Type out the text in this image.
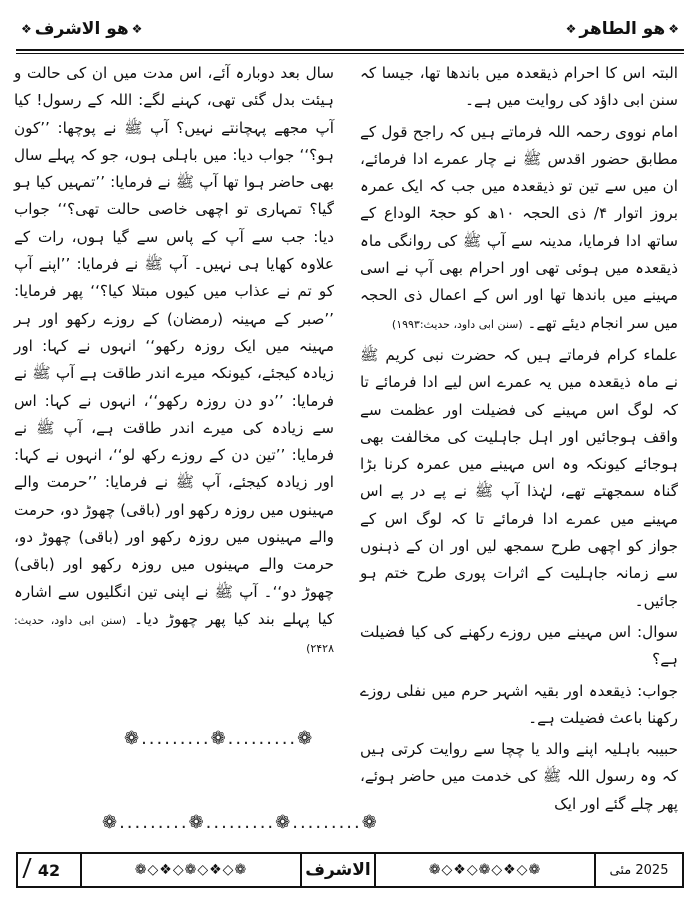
❖ هو الاشرف ❖	❖ هو الطاهر ❖

البتہ اس کا احرام ذیقعدہ میں باندھا تھا، جیسا کہ سنن ابی داؤد کی روایت میں ہے۔

امام نووی رحمہ اللہ فرماتے ہیں کہ راجح قول کے مطابق حضور اقدس ﷺ نے چار عمرے ادا فرمائے، ان میں سے تین تو ذیقعدہ میں جب کہ ایک عمرہ بروز اتوار ۴/ ذی الحجہ ۱۰ھ کو حجۃ الوداع کے ساتھ ادا فرمایا، مدینہ سے آپ ﷺ کی روانگی ماہ ذیقعدہ میں ہوئی تھی اور احرام بھی آپ نے اسی مہینے میں باندھا تھا اور اس کے اعمال ذی الحجہ میں سر انجام دیئے تھے۔ (سنن ابی داود، حدیث:۱۹۹۳)

علماء کرام فرماتے ہیں کہ حضرت نبی کریم ﷺ نے ماہ ذیقعدہ میں یہ عمرے اس لیے ادا فرمائے تا کہ لوگ اس مہینے کی فضیلت اور عظمت سے واقف ہوجائیں اور اہل جاہلیت کی مخالفت بھی ہوجائے کیونکہ وہ اس مہینے میں عمرہ کرنا بڑا گناہ سمجھتے تھے، لہٰذا آپ ﷺ نے پے در پے اس مہینے میں عمرے ادا فرمائے تا کہ لوگ اس کے جواز کو اچھی طرح سمجھ لیں اور ان کے ذہنوں سے زمانہ جاہلیت کے اثرات پوری طرح ختم ہو جائیں۔

سوال: اس مہینے میں روزے رکھنے کی کیا فضیلت ہے؟

جواب: ذیقعدہ اور بقیہ اشہر حرم میں نفلی روزے رکھنا باعث فضیلت ہے۔

حبیبہ باہلیہ اپنے والد یا چچا سے روایت کرتی ہیں کہ وہ رسول اللہ ﷺ کی خدمت میں حاضر ہوئے، پھر چلے گئے اور ایک

سال بعد دوبارہ آئے، اس مدت میں ان کی حالت و ہیئت بدل گئی تھی، کہنے لگے: اللہ کے رسول! کیا آپ مجھے پہچانتے نہیں؟ آپ ﷺ نے پوچھا: ’’کون ہو؟‘‘ جواب دیا: میں باہلی ہوں، جو کہ پہلے سال بھی حاضر ہوا تھا آپ ﷺ نے فرمایا: ’’تمہیں کیا ہو گیا؟ تمہاری تو اچھی خاصی حالت تھی؟‘‘ جواب دیا: جب سے آپ کے پاس سے گیا ہوں، رات کے علاوہ کھایا ہی نہیں۔ آپ ﷺ نے فرمایا: ’’اپنے آپ کو تم نے عذاب میں کیوں مبتلا کیا؟‘‘ پھر فرمایا: ’’صبر کے مہینہ (رمضان) کے روزے رکھو اور ہر مہینہ میں ایک روزہ رکھو‘‘ انہوں نے کہا: اور زیادہ کیجئے، کیونکہ میرے اندر طاقت ہے آپ ﷺ نے فرمایا: ’’دو دن روزہ رکھو‘‘، انہوں نے کہا: اس سے زیادہ کی میرے اندر طاقت ہے، آپ ﷺ نے فرمایا: ’’تین دن کے روزے رکھ لو‘‘، انہوں نے کہا: اور زیادہ کیجئے، آپ ﷺ نے فرمایا: ’’حرمت والے مہینوں میں روزہ رکھو اور (باقی) چھوڑ دو، حرمت والے مہینوں میں روزہ رکھو اور (باقی) چھوڑ دو، حرمت والے مہینوں میں روزہ رکھو اور (باقی) چھوڑ دو‘‘۔ آپ ﷺ نے اپنی تین انگلیوں سے اشارہ کیا پہلے بند کیا پھر چھوڑ دیا۔ (سنن ابی داود، حدیث: ۲۴۲۸)

❁.........❁.........❁
❁.........❁.........❁.........❁
42	❁◇❖◇❁◇❖◇❁	الاشرف	❁◇❖◇❁◇❖◇❁	مئی
2025
